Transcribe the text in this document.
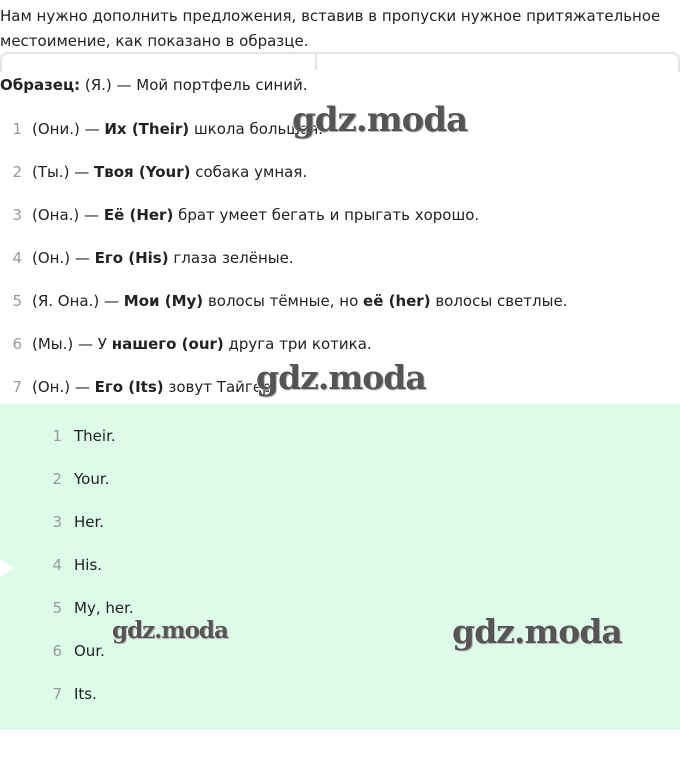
Нам нужно дополнить предложения, вставив в пропуски нужное притяжательное местоимение, как показано в образце.
Образец: (Я.) — Мой портфель синий.
1 (Они.) — Их (Their) школа большая.
2 (Ты.) — Твоя (Your) собака умная.
3 (Она.) — Её (Her) брат умеет бегать и прыгать хорошо.
4 (Он.) — Его (His) глаза зелёные.
5 (Я. Она.) — Мои (My) волосы тёмные, но её (her) волосы светлые.
6 (Мы.) — У нашего (our) друга три котика.
7 (Он.) — Его (Its) зовут Тайгер.
1 Their.
2 Your.
3 Her.
4 His.
5 My, her.
6 Our.
7 Its.
gdz.moda
gdz.moda
gdz.moda	gdz.moda
